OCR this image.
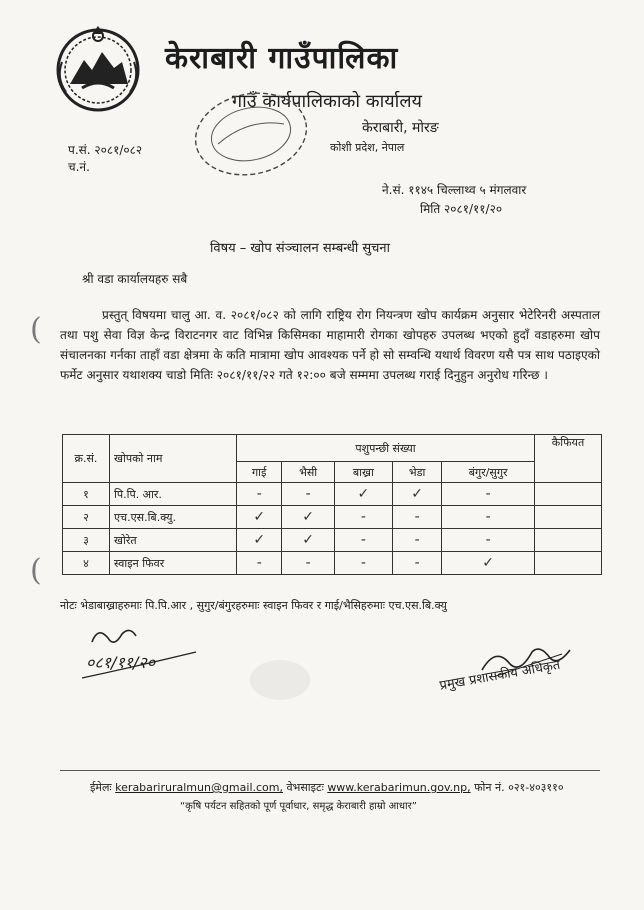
केराबारी गाउँपालिका
गाउँ कार्यपालिकाको कार्यालय
केराबारी, मोरङ
कोशी प्रदेश, नेपाल
प.सं. २०८१/०८२
च.नं.
ने.सं. ११४५ चिल्लाथ्व ५ मंगलवार
मिति २०८१/११/२०
विषय – खोप संञ्चालन सम्बन्धी सुचना
श्री वडा कार्यालयहरु सबै
प्रस्तुत् विषयमा चालु आ. व. २०८१/०८२ को लागि राष्ट्रिय रोग नियन्त्रण खोप कार्यक्रम अनुसार भेटेरिनरी अस्पताल तथा पशु सेवा विज्ञ केन्द्र विराटनगर वाट विभिन्न किसिमका माहामारी रोगका खोपहरु उपलब्ध भएको हुदाँ वडाहरुमा खोप संचालनका गर्नका ताहाँ वडा क्षेत्रमा के कति मात्रामा खोप आवश्यक पर्ने हो सो सम्वन्धि यथार्थ विवरण यसै पत्र साथ पठाइएको फर्मेट अनुसार यथाशक्य चाडो मितिः २०८१/११/२२ गते १२:०० बजे सम्ममा उपलब्ध गराई दिनुहुन अनुरोध गरिन्छ ।
(
(
क्र.सं.	खोपको नाम	पशुपन्छी संख्या					कैफियत
		गाई	भैसी	बाख्रा	भेडा	बंगुर/सुगुर	
१	पि.पि. आर.	-	-	✓	✓	-	
२	एच.एस.बि.क्यु.	✓	✓	-	-	-	
३	खोरेत	✓	✓	-	-	-	
४	स्वाइन फिवर	-	-	-	-	✓	
नोटः भेडाबाख्राहरुमाः पि.पि.आर , सुगुर/बंगुरहरुमाः स्वाइन फिवर र गाई/भैसिहरुमाः एच.एस.बि.क्यु
०८१/११/२०	प्रमुख प्रशासकीय अधिकृत
ईमेलः kerabariruralmun@gmail.com, वेभसाइटः www.kerabarimun.gov.np, फोन नं. ०२१-४०३११०
“कृषि पर्यटन सहितको पूर्ण पूर्वाधार, समृद्ध केराबारी हाम्रो आधार”
